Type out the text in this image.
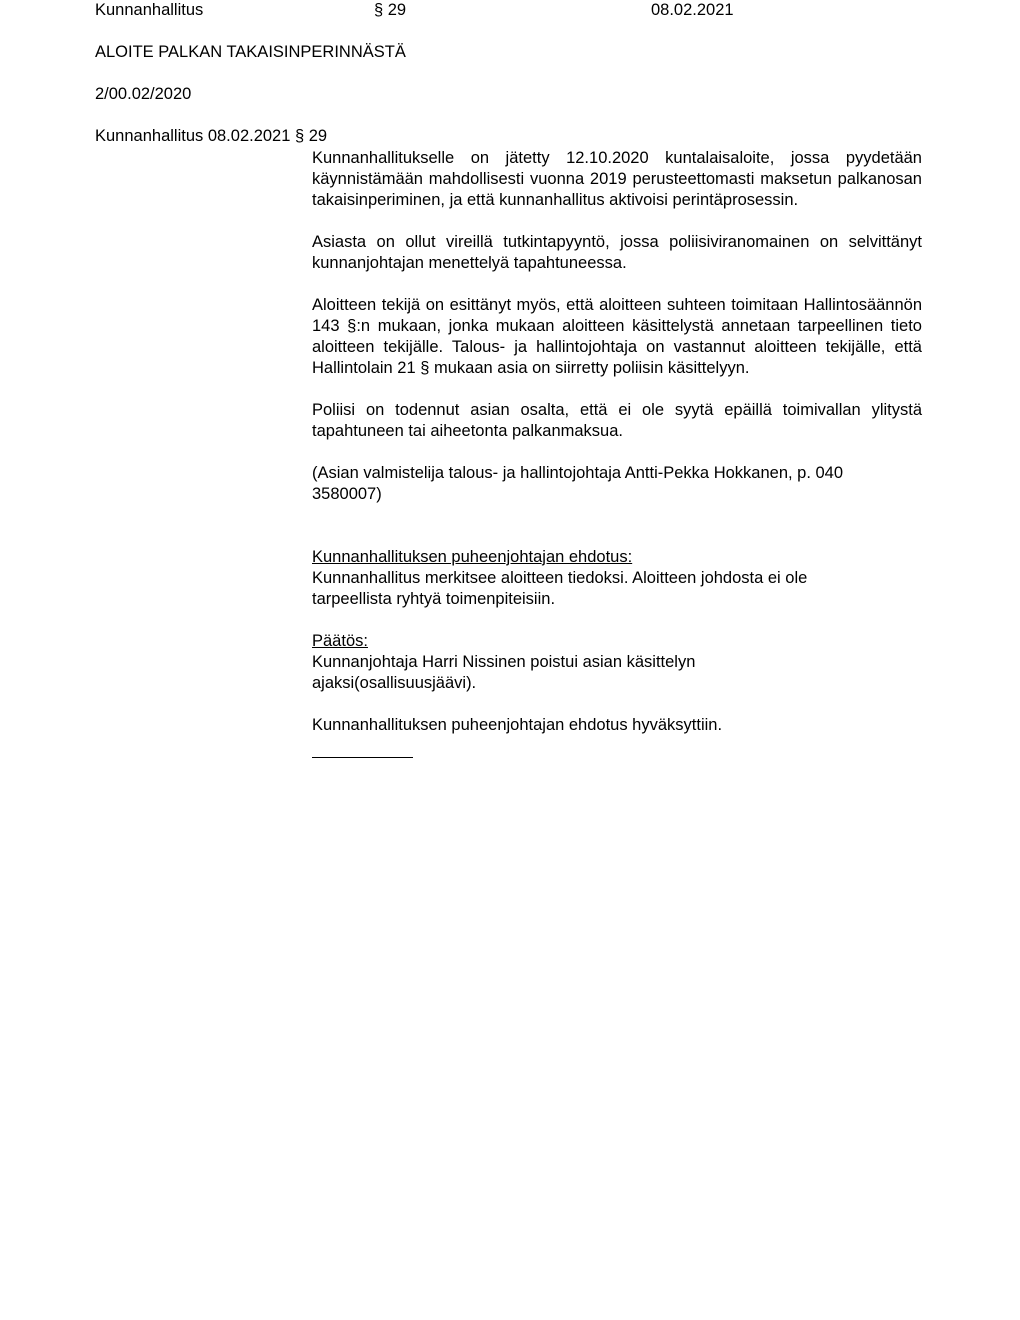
Kunnanhallitus	§ 29	08.02.2021
ALOITE PALKAN TAKAISINPERINNÄSTÄ
2/00.02/2020
Kunnanhallitus 08.02.2021 § 29

Kunnanhallitukselle on jätetty 12.10.2020 kuntalaisaloite, jossa pyydetään käynnistämään mahdollisesti vuonna 2019 perusteettomasti maksetun palkanosan takaisinperiminen, ja että kunnanhallitus aktivoisi perintäprosessin.

Asiasta on ollut vireillä tutkintapyyntö, jossa poliisiviranomainen on selvittänyt kunnanjohtajan menettelyä tapahtuneessa.

Aloitteen tekijä on esittänyt myös, että aloitteen suhteen toimitaan Hallintosäännön 143 §:n mukaan, jonka mukaan aloitteen käsittelystä annetaan tarpeellinen tieto aloitteen tekijälle. Talous- ja hallintojohtaja on vastannut aloitteen tekijälle, että Hallintolain 21 § mukaan asia on siirretty poliisin käsittelyyn.

Poliisi on todennut asian osalta, että ei ole syytä epäillä toimivallan ylitystä tapahtuneen tai aiheetonta palkanmaksua.

(Asian valmistelija talous- ja hallintojohtaja Antti-Pekka Hokkanen, p. 040 3580007)

Kunnanhallituksen puheenjohtajan ehdotus:

Kunnanhallitus merkitsee aloitteen tiedoksi. Aloitteen johdosta ei ole tarpeellista ryhtyä toimenpiteisiin.

Päätös:

Kunnanjohtaja Harri Nissinen poistui asian käsittelyn ajaksi(osallisuusjäävi).

Kunnanhallituksen puheenjohtajan ehdotus hyväksyttiin.
